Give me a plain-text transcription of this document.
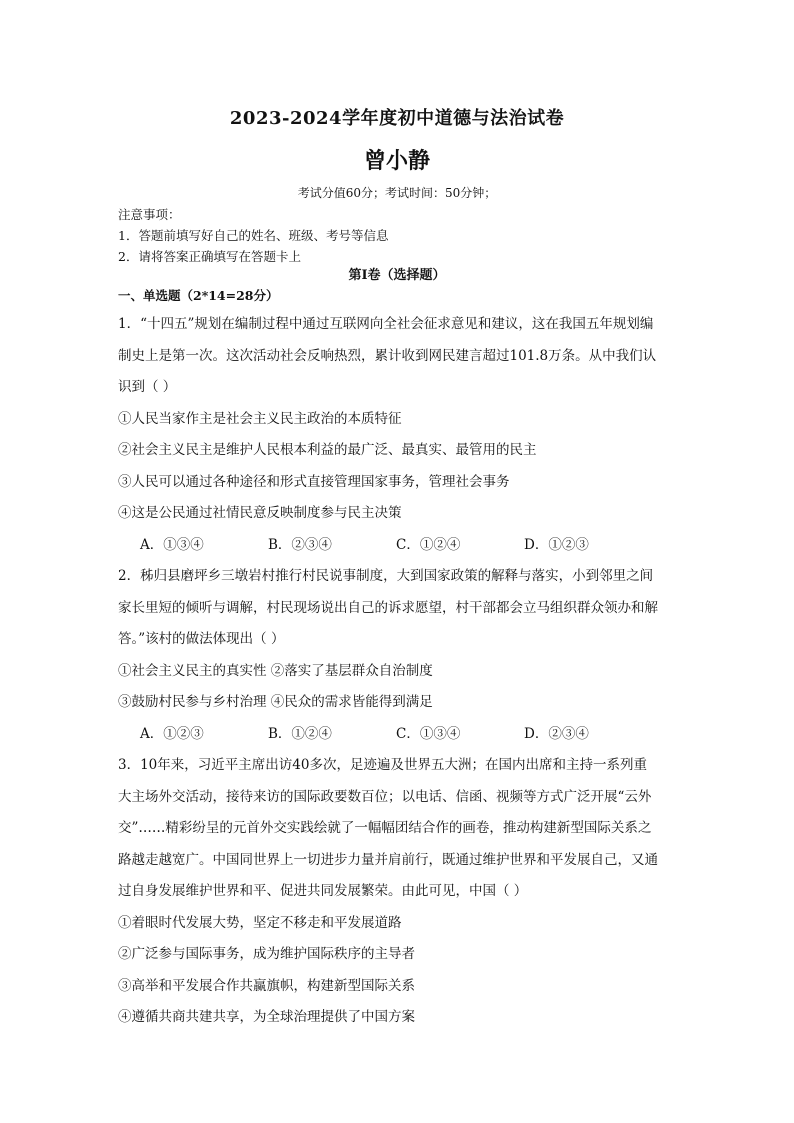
2023-2024学年度初中道德与法治试卷
曾小静
考试分值60分；考试时间：50分钟；
注意事项：
1．答题前填写好自己的姓名、班级、考号等信息
2．请将答案正确填写在答题卡上
第I卷（选择题）
一、单选题（2*14=28分）

1．“十四五”规划在编制过程中通过互联网向全社会征求意见和建议，这在我国五年规划编

制史上是第一次。这次活动社会反响热烈，累计收到网民建言超过101.8万条。从中我们认

识到（ ）

①人民当家作主是社会主义民主政治的本质特征

②社会主义民主是维护人民根本利益的最广泛、最真实、最管用的民主

③人民可以通过各种途径和形式直接管理国家事务，管理社会事务

④这是公民通过社情民意反映制度参与民主决策

A．①③④	B．②③④	C．①②④	D．①②③

2．秭归县磨坪乡三墩岩村推行村民说事制度，大到国家政策的解释与落实，小到邻里之间

家长里短的倾听与调解，村民现场说出自己的诉求愿望，村干部都会立马组织群众领办和解

答。”该村的做法体现出（ ）

①社会主义民主的真实性 ②落实了基层群众自治制度

③鼓励村民参与乡村治理 ④民众的需求皆能得到满足

A．①②③	B．①②④	C．①③④	D．②③④

3．10年来，习近平主席出访40多次，足迹遍及世界五大洲；在国内出席和主持一系列重

大主场外交活动，接待来访的国际政要数百位；以电话、信函、视频等方式广泛开展“云外

交”……精彩纷呈的元首外交实践绘就了一幅幅团结合作的画卷，推动构建新型国际关系之

路越走越宽广。中国同世界上一切进步力量并肩前行，既通过维护世界和平发展自己，又通

过自身发展维护世界和平、促进共同发展繁荣。由此可见，中国（ ）

①着眼时代发展大势，坚定不移走和平发展道路

②广泛参与国际事务，成为维护国际秩序的主导者

③高举和平发展合作共赢旗帜，构建新型国际关系

④遵循共商共建共享，为全球治理提供了中国方案
